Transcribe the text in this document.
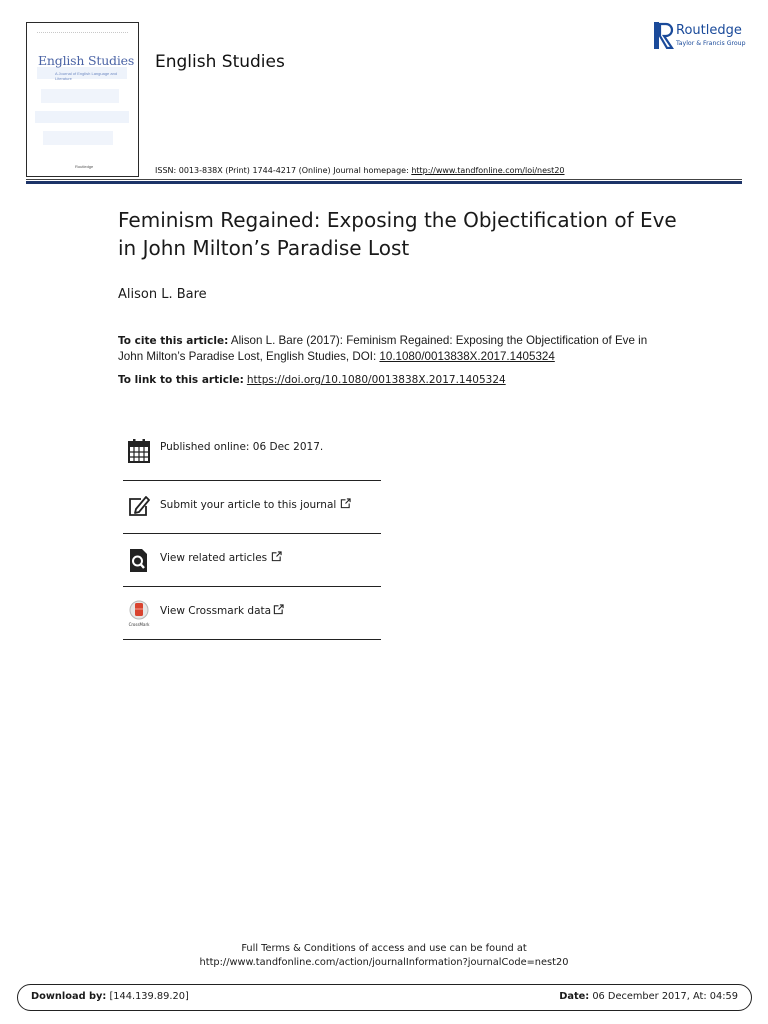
English Studies
A Journal of English Language and Literature
Routledge
English Studies
ISSN: 0013-838X (Print) 1744-4217 (Online) Journal homepage: http://www.tandfonline.com/loi/nest20
Routledge
Taylor & Francis Group
Feminism Regained: Exposing the Objectification of Eve in John Milton’s Paradise Lost
Alison L. Bare
To cite this article: Alison L. Bare (2017): Feminism Regained: Exposing the Objectification of Eve in John Milton’s Paradise Lost, English Studies, DOI: 10.1080/0013838X.2017.1405324
To link to this article: https://doi.org/10.1080/0013838X.2017.1405324
Published online: 06 Dec 2017.
Submit your article to this journal
View related articles
CrossMark
View Crossmark data
Full Terms & Conditions of access and use can be found at
http://www.tandfonline.com/action/journalInformation?journalCode=nest20
Download by: [144.139.89.20]	Date: 06 December 2017, At: 04:59
